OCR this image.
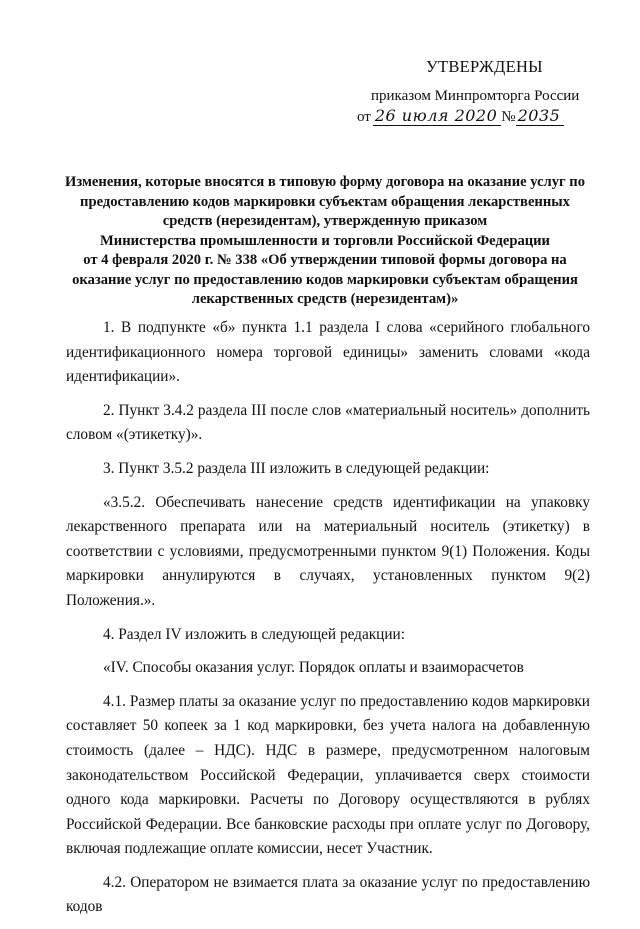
УТВЕРЖДЕНЫ
приказом Минпромторга России
от 26 июля 2020 № 2035
Изменения, которые вносятся в типовую форму договора на оказание услуг по
предоставлению кодов маркировки субъектам обращения лекарственных
средств (нерезидентам), утвержденную приказом
Министерства промышленности и торговли Российской Федерации
от 4 февраля 2020 г. № 338 «Об утверждении типовой формы договора на
оказание услуг по предоставлению кодов маркировки субъектам обращения
лекарственных средств (нерезидентам)»

1. В подпункте «б» пункта 1.1 раздела I слова «серийного глобального идентификационного номера торговой единицы» заменить словами «кода идентификации».

2. Пункт 3.4.2 раздела III после слов «материальный носитель» дополнить словом «(этикетку)».

3. Пункт 3.5.2 раздела III изложить в следующей редакции:

«3.5.2. Обеспечивать нанесение средств идентификации на упаковку лекарственного препарата или на материальный носитель (этикетку) в соответствии с условиями, предусмотренными пунктом 9(1) Положения. Коды маркировки аннулируются в случаях, установленных пунктом 9(2) Положения.».

4. Раздел IV изложить в следующей редакции:

«IV. Способы оказания услуг. Порядок оплаты и взаиморасчетов

4.1. Размер платы за оказание услуг по предоставлению кодов маркировки составляет 50 копеек за 1 код маркировки, без учета налога на добавленную стоимость (далее – НДС). НДС в размере, предусмотренном налоговым законодательством Российской Федерации, уплачивается сверх стоимости одного кода маркировки. Расчеты по Договору осуществляются в рублях Российской Федерации. Все банковские расходы при оплате услуг по Договору, включая подлежащие оплате комиссии, несет Участник.

4.2. Оператором не взимается плата за оказание услуг по предоставлению кодов
